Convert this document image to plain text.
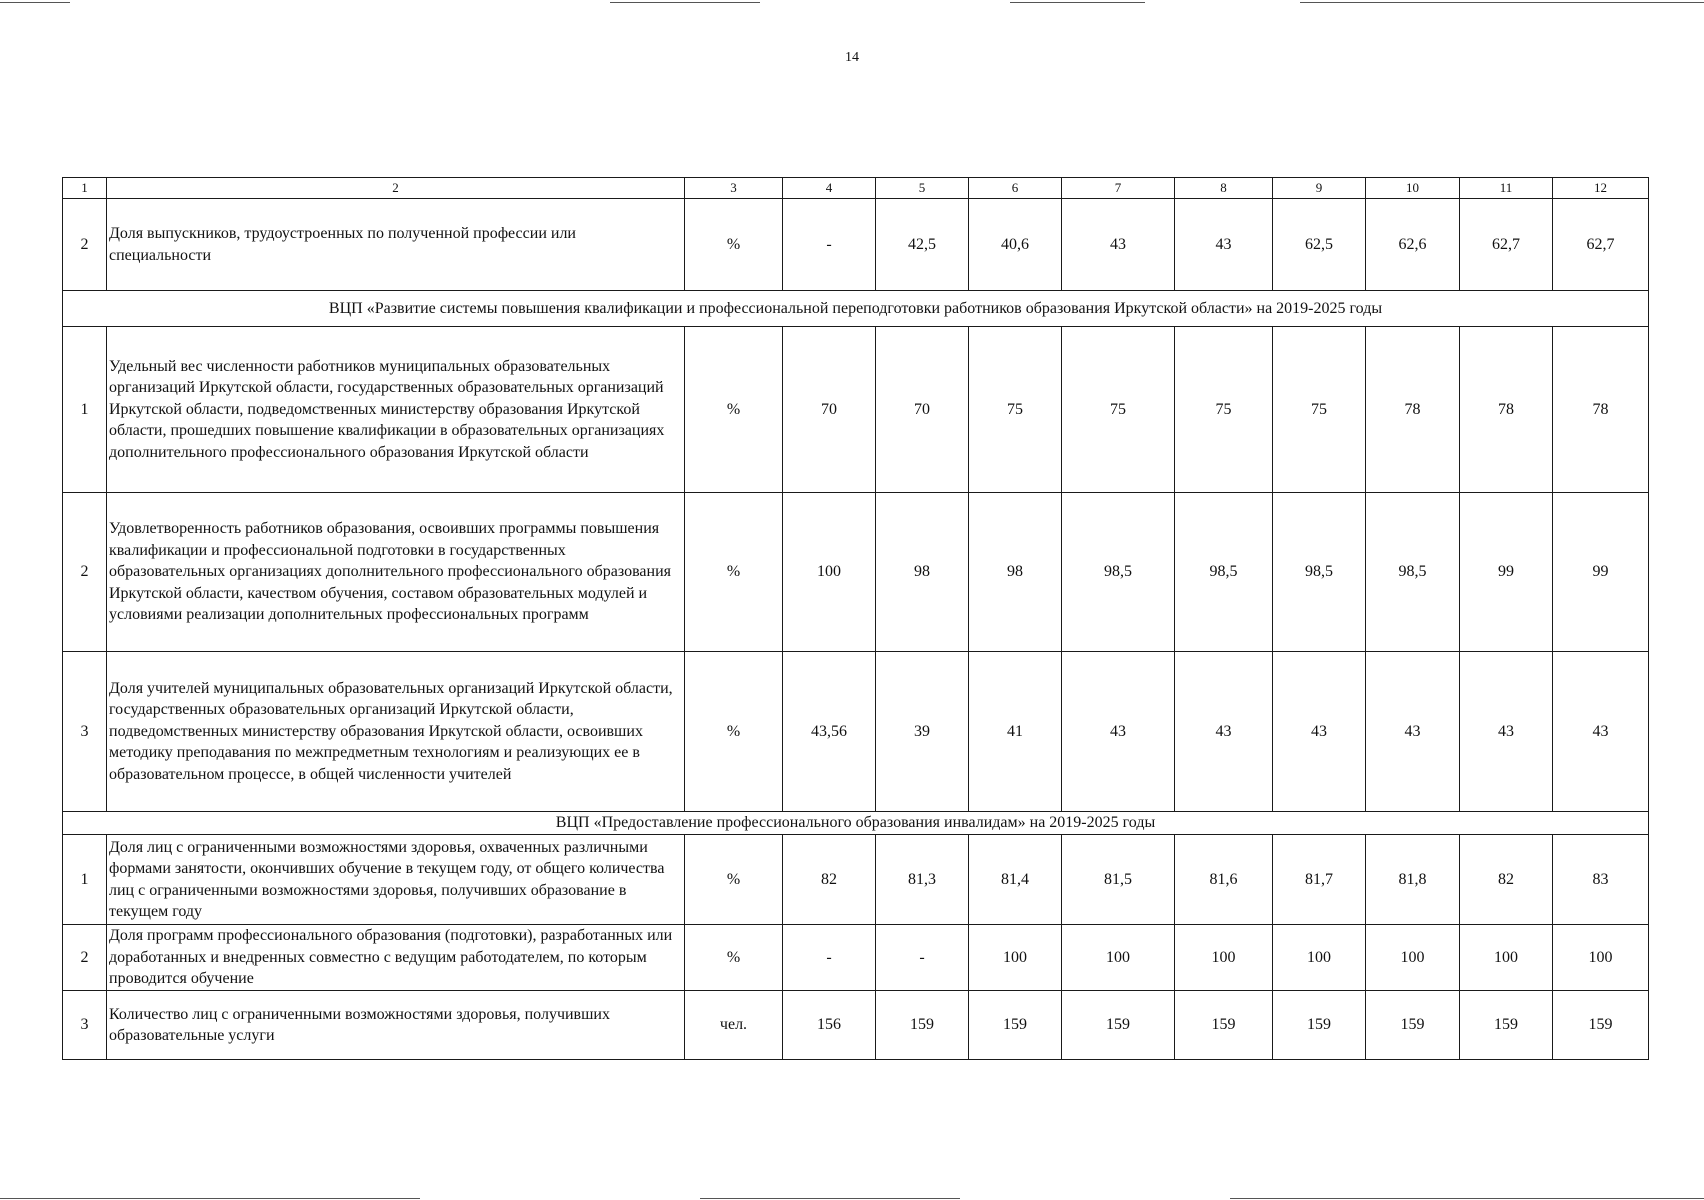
14
1	2	3	4	5	6	7	8	9	10	11	12
2	Доля выпускников, трудоустроенных по полученной профессии или специальности	%	-	42,5	40,6	43	43	62,5	62,6	62,7	62,7
ВЦП «Развитие системы повышения квалификации и профессиональной переподготовки работников образования Иркутской области» на 2019-2025 годы											
1	Удельный вес численности работников муниципальных образовательных организаций Иркутской области, государственных образовательных организаций Иркутской области, подведомственных министерству образования Иркутской области, прошедших повышение квалификации в образовательных организациях дополнительного профессионального образования Иркутской области	%	70	70	75	75	75	75	78	78	78
2	Удовлетворенность работников образования, освоивших программы повышения квалификации и профессиональной подготовки в государственных образовательных организациях дополнительного профессионального образования Иркутской области, качеством обучения, составом образовательных модулей и условиями реализации дополнительных профессиональных программ	%	100	98	98	98,5	98,5	98,5	98,5	99	99
3	Доля учителей муниципальных образовательных организаций Иркутской области, государственных образовательных организаций Иркутской области, подведомственных министерству образования Иркутской области, освоивших методику преподавания по межпредметным технологиям и реализующих ее в образовательном процессе, в общей численности учителей	%	43,56	39	41	43	43	43	43	43	43
ВЦП «Предоставление профессионального образования инвалидам» на 2019-2025 годы											
1	Доля лиц с ограниченными возможностями здоровья, охваченных различными формами занятости, окончивших обучение в текущем году, от общего количества лиц с ограниченными возможностями здоровья, получивших образование в текущем году	%	82	81,3	81,4	81,5	81,6	81,7	81,8	82	83
2	Доля программ профессионального образования (подготовки), разработанных или доработанных и внедренных совместно с ведущим работодателем, по которым проводится обучение	%	-	-	100	100	100	100	100	100	100
3	Количество лиц с ограниченными возможностями здоровья, получивших образовательные услуги	чел.	156	159	159	159	159	159	159	159	159
